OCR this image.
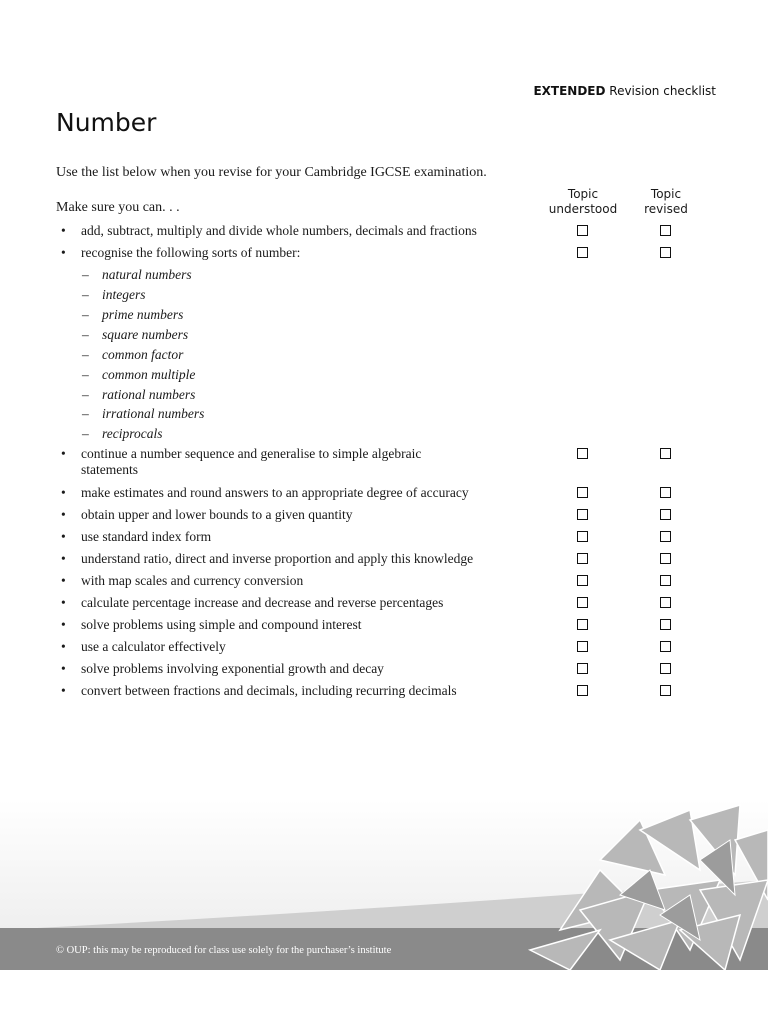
EXTENDED Revision checklist
Number
Use the list below when you revise for your Cambridge IGCSE examination.
Topic
understood
Topic
revised
Make sure you can. . .
• add, subtract, multiply and divide whole numbers, decimals and fractions
• recognise the following sorts of number:
– natural numbers
– integers
– prime numbers
– square numbers
– common factor
– common multiple
– rational numbers
– irrational numbers
– reciprocals
• continue a number sequence and generalise to simple algebraic statements
• make estimates and round answers to an appropriate degree of accuracy
• obtain upper and lower bounds to a given quantity
• use standard index form
• understand ratio, direct and inverse proportion and apply this knowledge
• with map scales and currency conversion
• calculate percentage increase and decrease and reverse percentages
• solve problems using simple and compound interest
• use a calculator effectively
• solve problems involving exponential growth and decay
• convert between fractions and decimals, including recurring decimals
© OUP: this may be reproduced for class use solely for the purchaser’s institute
